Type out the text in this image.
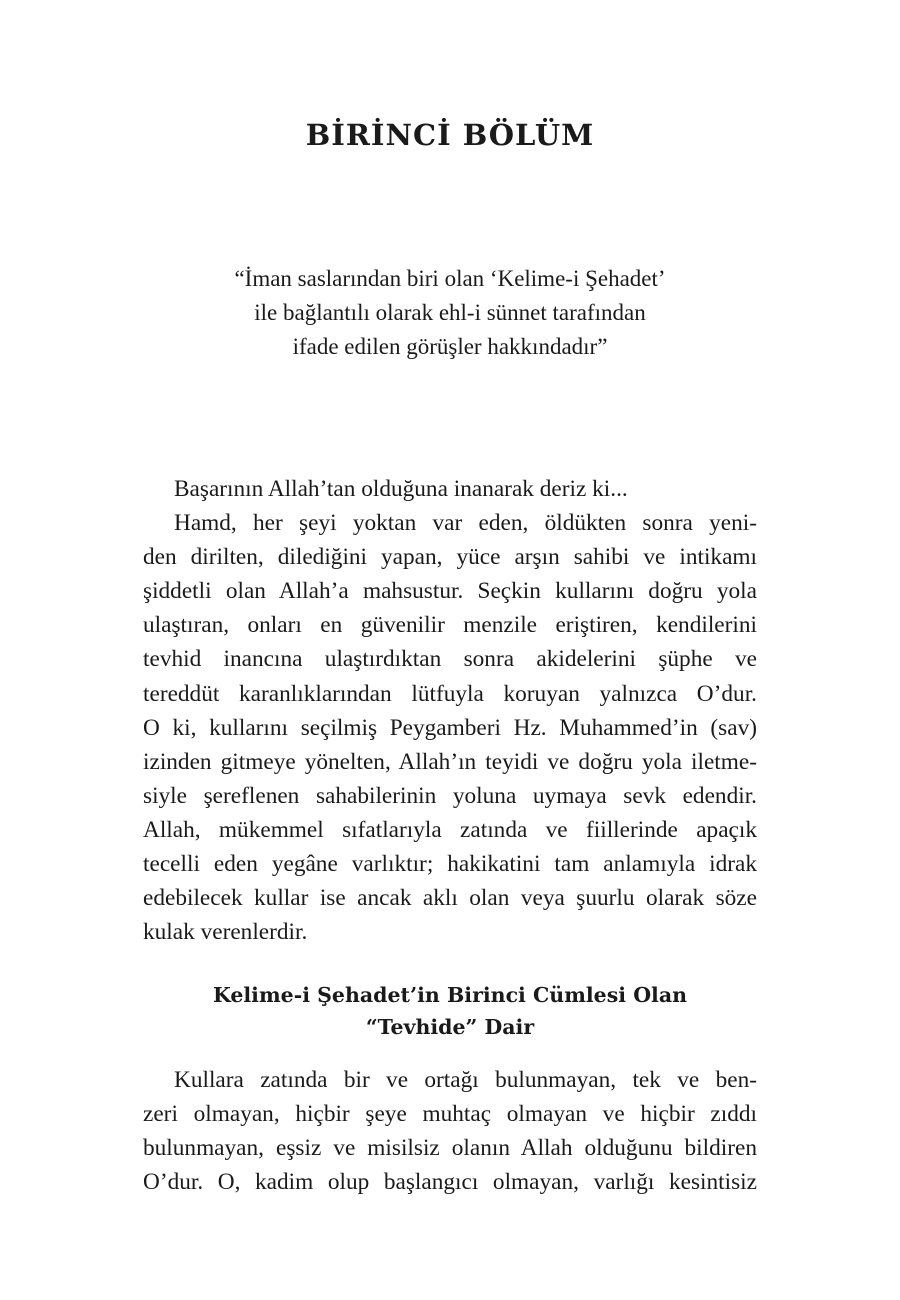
BİRİNCİ BÖLÜM
“İman saslarından biri olan ‘Kelime-i Şehadet’
ile bağlantılı olarak ehl-i sünnet tarafından
ifade edilen görüşler hakkındadır”
Başarının Allah’tan olduğuna inanarak deriz ki...
Hamd, her şeyi yoktan var eden, öldükten sonra yeni-
den dirilten, dilediğini yapan, yüce arşın sahibi ve intikamı
şiddetli olan Allah’a mahsustur. Seçkin kullarını doğru yola
ulaştıran, onları en güvenilir menzile eriştiren, kendilerini
tevhid inancına ulaştırdıktan sonra akidelerini şüphe ve
tereddüt karanlıklarından lütfuyla koruyan yalnızca O’dur.
O ki, kullarını seçilmiş Peygamberi Hz. Muhammed’in (sav)
izinden gitmeye yönelten, Allah’ın teyidi ve doğru yola iletme-
siyle şereflenen sahabilerinin yoluna uymaya sevk edendir.
Allah, mükemmel sıfatlarıyla zatında ve fiillerinde apaçık
tecelli eden yegâne varlıktır; hakikatini tam anlamıyla idrak
edebilecek kullar ise ancak aklı olan veya şuurlu olarak söze
kulak verenlerdir.
Kelime-i Şehadet’in Birinci Cümlesi Olan
“Tevhide” Dair
Kullara zatında bir ve ortağı bulunmayan, tek ve ben-
zeri olmayan, hiçbir şeye muhtaç olmayan ve hiçbir zıddı
bulunmayan, eşsiz ve misilsiz olanın Allah olduğunu bildiren
O’dur. O, kadim olup başlangıcı olmayan, varlığı kesintisiz
